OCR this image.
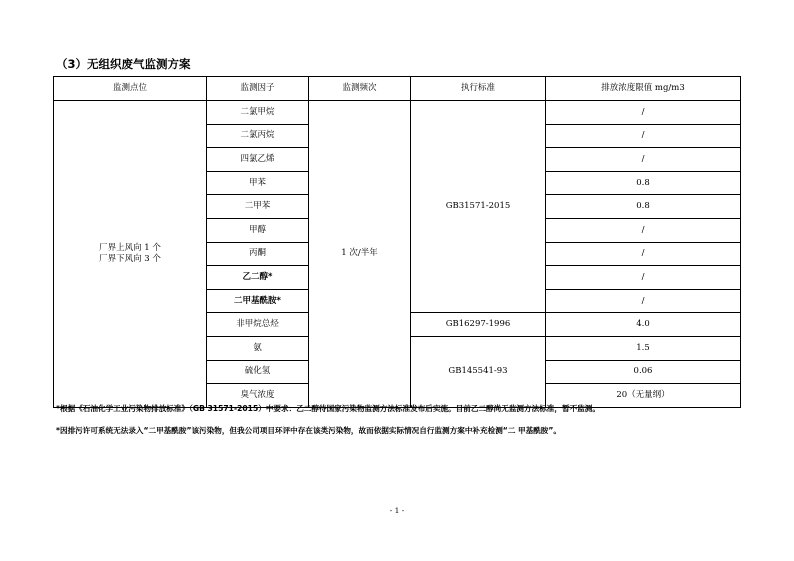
（3）无组织废气监测方案
监测点位	监测因子	监测频次	执行标准	排放浓度限值 mg/m3

厂界上风向 1 个
厂界下风向 3 个	二氯甲烷	1 次/半年	GB31571-2015	/
	二氯丙烷			/
	四氯乙烯			/
	甲苯			0.8
	二甲苯			0.8
	甲醇			/
	丙酮			/
	乙二醇*			/
	二甲基酰胺*			/
	非甲烷总烃		GB16297-1996	4.0
	氨		GB145541-93	1.5
	硫化氢			0.06
	臭气浓度			20（无量纲）
*根据《石油化学工业污染物排放标准》（GB 31571-2015）中要求：乙二醇待国家污染物监测方法标准发布后实施。目前乙二醇尚无监测方法标准，暂不监测。
*因排污许可系统无法录入“二甲基酰胺”该污染物，但我公司项目环评中存在该类污染物，故而依据实际情况自行监测方案中补充检测“二 甲基酰胺”。
- 1 -
